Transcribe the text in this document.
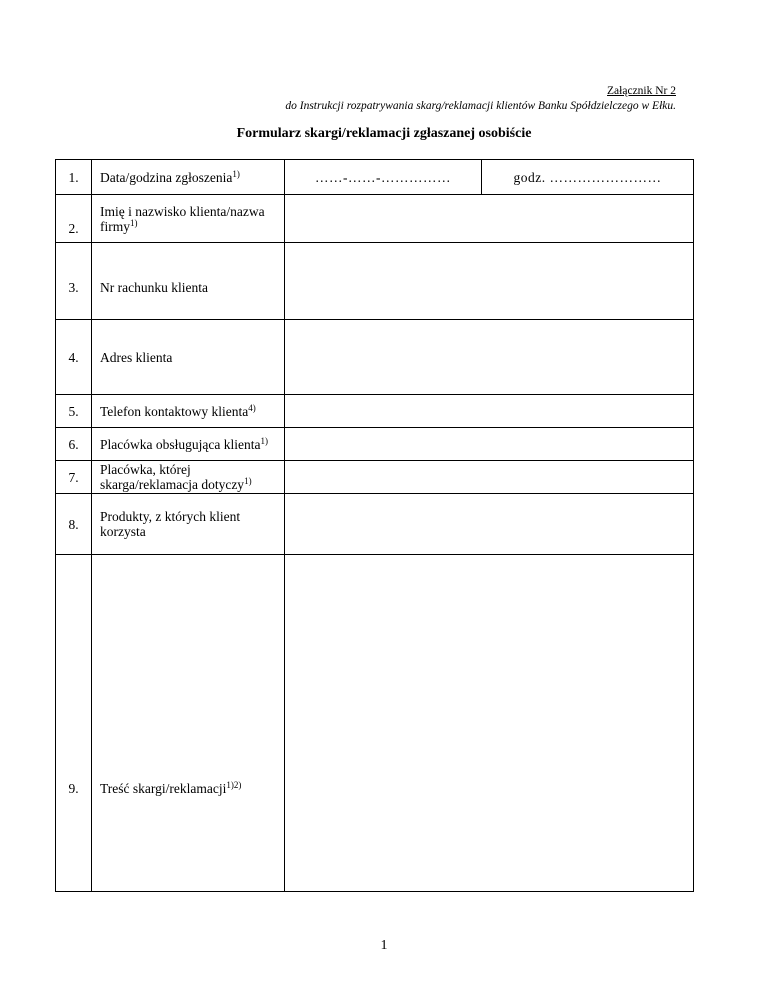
Załącznik Nr 2
do Instrukcji rozpatrywania skarg/reklamacji klientów Banku Spółdzielczego w Ełku.
Formularz skargi/reklamacji zgłaszanej osobiście
1.	Data/godzina zgłoszenia$^{1)}$	……-……-……………	godz. ……………………

2.	Imię i nazwisko klienta/nazwa firmy$^{1)}$	

3.	Nr rachunku klienta		

4.	Adres klienta		

5.	Telefon kontaktowy klienta$^{4)}$	

6.	Placówka obsługująca klienta$^{1)}$	

7.	Placówka, której skarga/reklamacja dotyczy$^{1)}$	

8.	Produkty, z których klient korzysta		

9.	Treść skargi/reklamacji$^{1)2)}$

1
